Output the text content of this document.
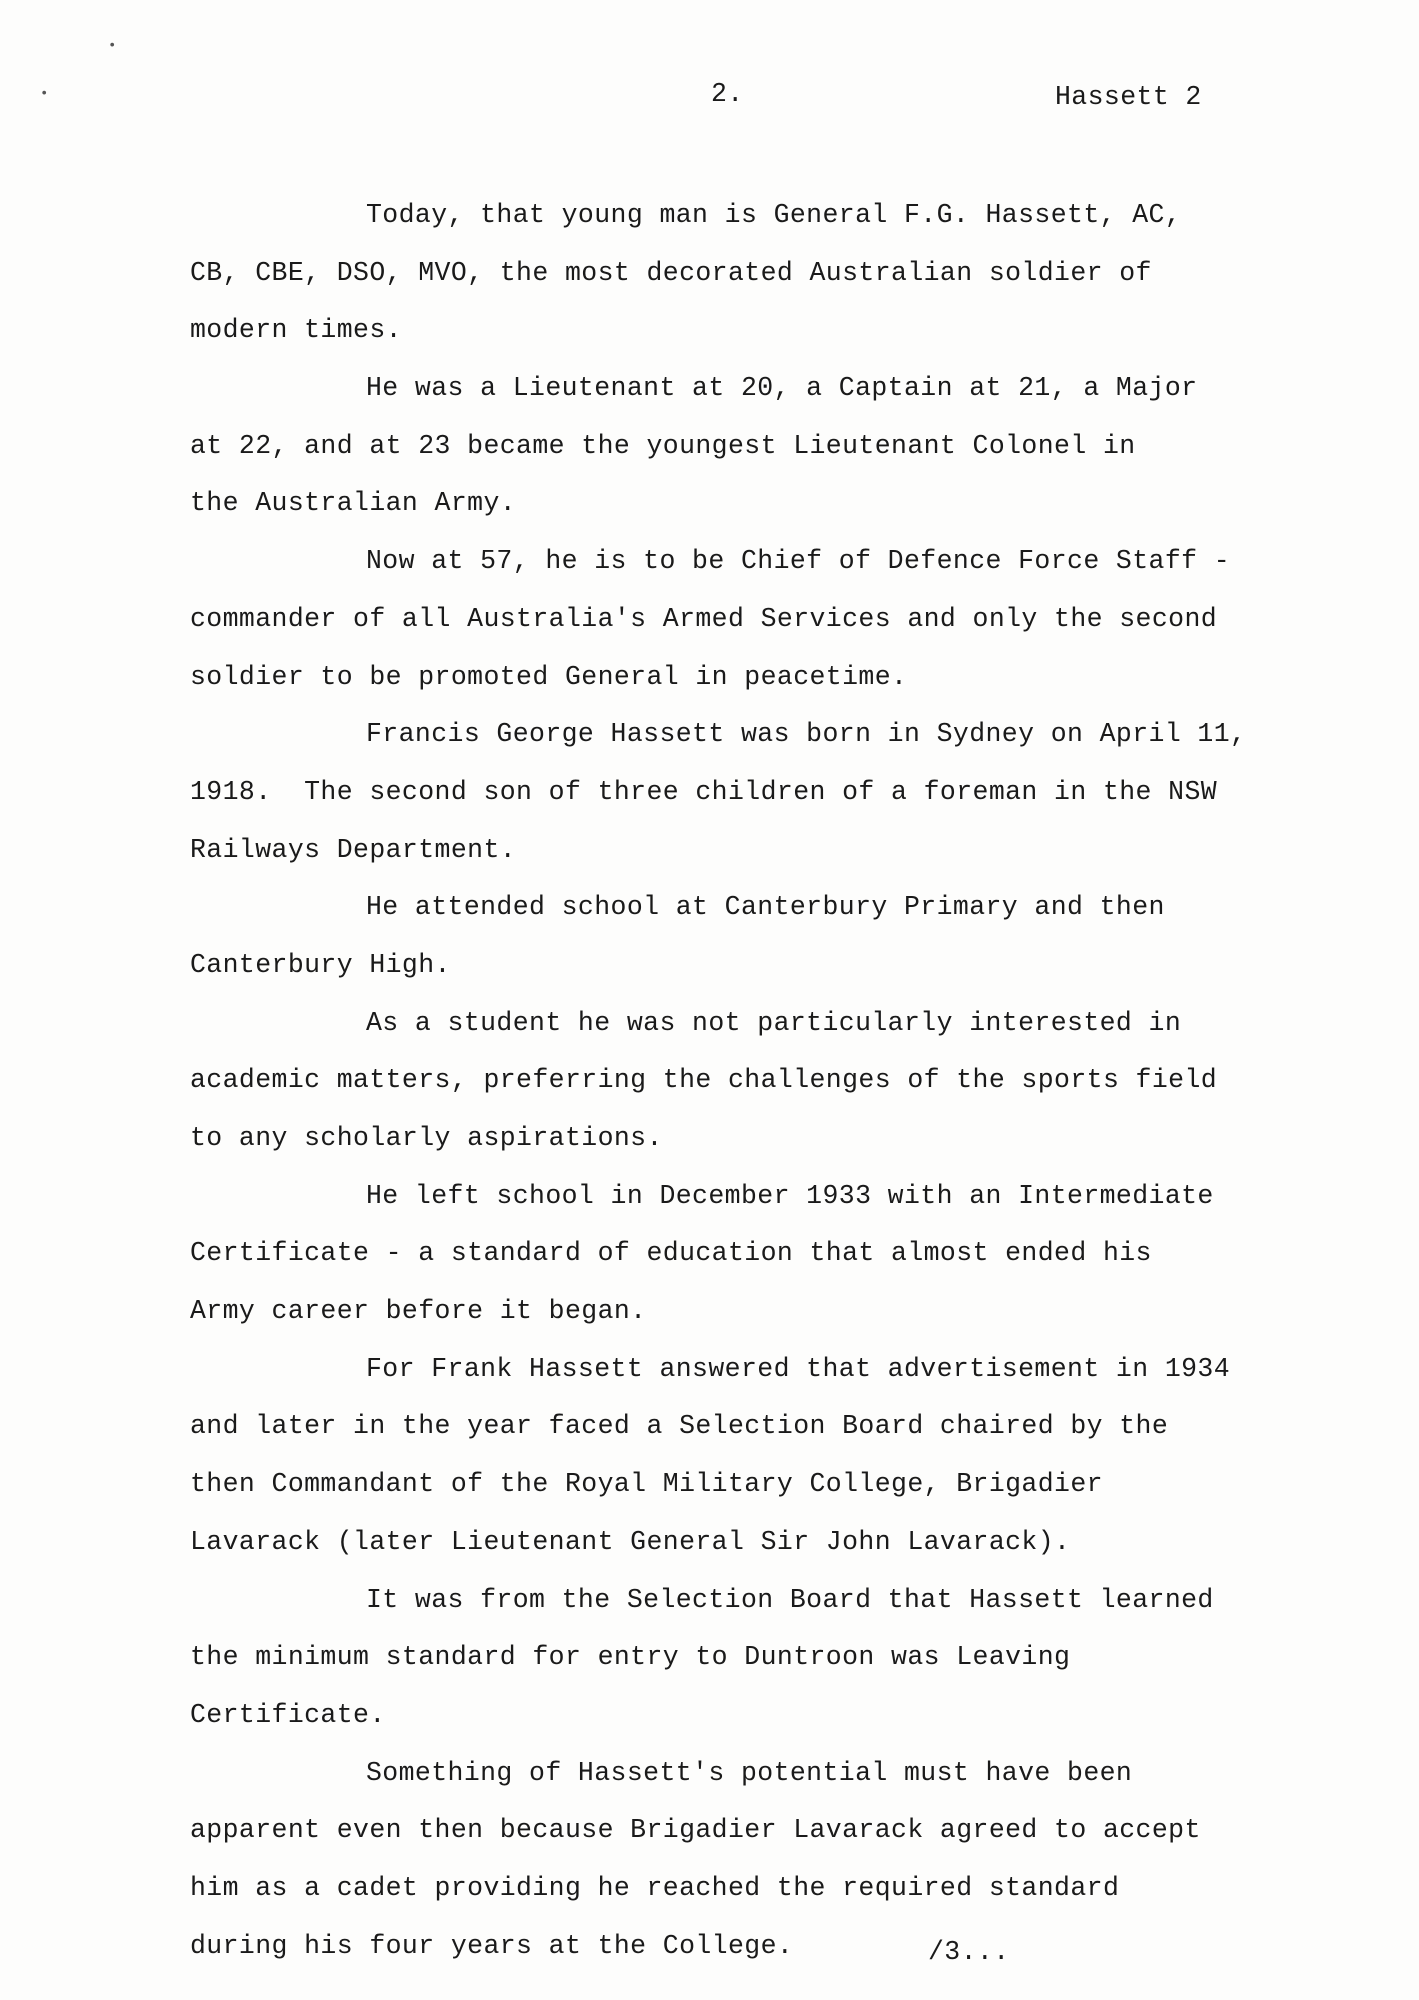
•
•	2.	Hassett 2
Today, that young man is General F.G. Hassett, AC,
CB, CBE, DSO, MVO, the most decorated Australian soldier of
modern times.
He was a Lieutenant at 20, a Captain at 21, a Major
at 22, and at 23 became the youngest Lieutenant Colonel in
the Australian Army.
Now at 57, he is to be Chief of Defence Force Staff -
commander of all Australia's Armed Services and only the second
soldier to be promoted General in peacetime.
Francis George Hassett was born in Sydney on April 11,
1918.  The second son of three children of a foreman in the NSW
Railways Department.
He attended school at Canterbury Primary and then
Canterbury High.
As a student he was not particularly interested in
academic matters, preferring the challenges of the sports field
to any scholarly aspirations.
He left school in December 1933 with an Intermediate
Certificate - a standard of education that almost ended his
Army career before it began.
For Frank Hassett answered that advertisement in 1934
and later in the year faced a Selection Board chaired by the
then Commandant of the Royal Military College, Brigadier
Lavarack (later Lieutenant General Sir John Lavarack).
It was from the Selection Board that Hassett learned
the minimum standard for entry to Duntroon was Leaving
Certificate.
Something of Hassett's potential must have been
apparent even then because Brigadier Lavarack agreed to accept
him as a cadet providing he reached the required standard
during his four years at the College.	/3...
